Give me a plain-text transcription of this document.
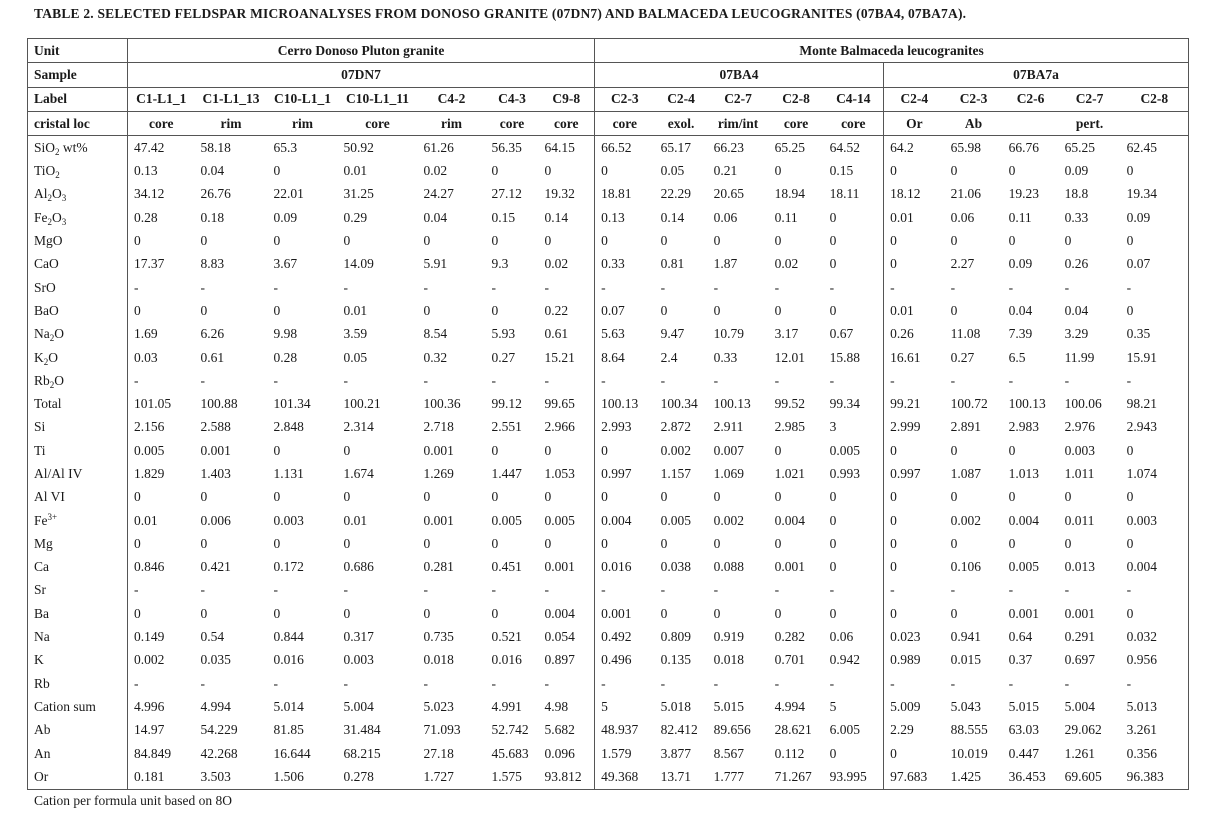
TABLE 2. SELECTED FELDSPAR MICROANALYSES FROM DONOSO GRANITE (07DN7) AND BALMACEDA LEUCOGRANITES (07BA4, 07BA7A).
Unit	Cerro Donoso Pluton granite							Monte Balmaceda leucogranites									
Sample	07DN7							07BA4					07BA7a				
Label	C1-L1_1	C1-L1_13	C10-L1_1	C10-L1_11	C4-2	C4-3	C9-8	C2-3	C2-4	C2-7	C2-8	C4-14	C2-4	C2-3	C2-6	C2-7	C2-8
cristal loc	core	rim	rim	core	rim	core	core	core	exol.	rim/int	core	core	Or	Ab		pert.	
SiO$_2$ wt%	47.42	58.18	65.3	50.92	61.26	56.35	64.15	66.52	65.17	66.23	65.25	64.52	64.2	65.98	66.76	65.25	62.45
TiO$_2$	0.13	0.04	0	0.01	0.02	0	0	0	0.05	0.21	0	0.15	0	0	0	0.09	0
$Al_2O_3$	34.12	26.76	22.01	31.25	24.27	27.12	19.32	18.81	22.29	20.65	18.94	18.11	18.12	21.06	19.23	18.8	19.34
$Fe_2O_3$	0.28	0.18	0.09	0.29	0.04	0.15	0.14	0.13	0.14	0.06	0.11	0	0.01	0.06	0.11	0.33	0.09
MgO	0	0	0	0	0	0	0	0	0	0	0	0	0	0	0	0	0
CaO	17.37	8.83	3.67	14.09	5.91	9.3	0.02	0.33	0.81	1.87	0.02	0	0	2.27	0.09	0.26	0.07
SrO	-	-	-	-	-	-	-	-	-	-	-	-	-	-	-	-	-
BaO	0	0	0	0.01	0	0	0.22	0.07	0	0	0	0	0.01	0	0.04	0.04	0
$Na_2O$	1.69	6.26	9.98	3.59	8.54	5.93	0.61	5.63	9.47	10.79	3.17	0.67	0.26	11.08	7.39	3.29	0.35
$K_2O$	0.03	0.61	0.28	0.05	0.32	0.27	15.21	8.64	2.4	0.33	12.01	15.88	16.61	0.27	6.5	11.99	15.91
$Rb_2O$	-	-	-	-	-	-	-	-	-	-	-	-	-	-	-	-	-
Total	101.05	100.88	101.34	100.21	100.36	99.12	99.65	100.13	100.34	100.13	99.52	99.34	99.21	100.72	100.13	100.06	98.21
Si	2.156	2.588	2.848	2.314	2.718	2.551	2.966	2.993	2.872	2.911	2.985	3	2.999	2.891	2.983	2.976	2.943
Ti	0.005	0.001	0	0	0.001	0	0	0	0.002	0.007	0	0.005	0	0	0	0.003	0
Al/Al IV	1.829	1.403	1.131	1.674	1.269	1.447	1.053	0.997	1.157	1.069	1.021	0.993	0.997	1.087	1.013	1.011	1.074
Al VI	0	0	0	0	0	0	0	0	0	0	0	0	0	0	0	0	0
$Fe^{3+}$	0.01	0.006	0.003	0.01	0.001	0.005	0.005	0.004	0.005	0.002	0.004	0	0	0.002	0.004	0.011	0.003
Mg	0	0	0	0	0	0	0	0	0	0	0	0	0	0	0	0	0
Ca	0.846	0.421	0.172	0.686	0.281	0.451	0.001	0.016	0.038	0.088	0.001	0	0	0.106	0.005	0.013	0.004
Sr	-	-	-	-	-	-	-	-	-	-	-	-	-	-	-	-	-
Ba	0	0	0	0	0	0	0.004	0.001	0	0	0	0	0	0	0.001	0.001	0
Na	0.149	0.54	0.844	0.317	0.735	0.521	0.054	0.492	0.809	0.919	0.282	0.06	0.023	0.941	0.64	0.291	0.032
K	0.002	0.035	0.016	0.003	0.018	0.016	0.897	0.496	0.135	0.018	0.701	0.942	0.989	0.015	0.37	0.697	0.956
Rb	-	-	-	-	-	-	-	-	-	-	-	-	-	-	-	-	-
Cation sum	4.996	4.994	5.014	5.004	5.023	4.991	4.98	5	5.018	5.015	4.994	5	5.009	5.043	5.015	5.004	5.013
Ab	14.97	54.229	81.85	31.484	71.093	52.742	5.682	48.937	82.412	89.656	28.621	6.005	2.29	88.555	63.03	29.062	3.261
An	84.849	42.268	16.644	68.215	27.18	45.683	0.096	1.579	3.877	8.567	0.112	0	0	10.019	0.447	1.261	0.356
Or	0.181	3.503	1.506	0.278	1.727	1.575	93.812	49.368	13.71	1.777	71.267	93.995	97.683	1.425	36.453	69.605	96.383
Cation per formula unit based on 8O
